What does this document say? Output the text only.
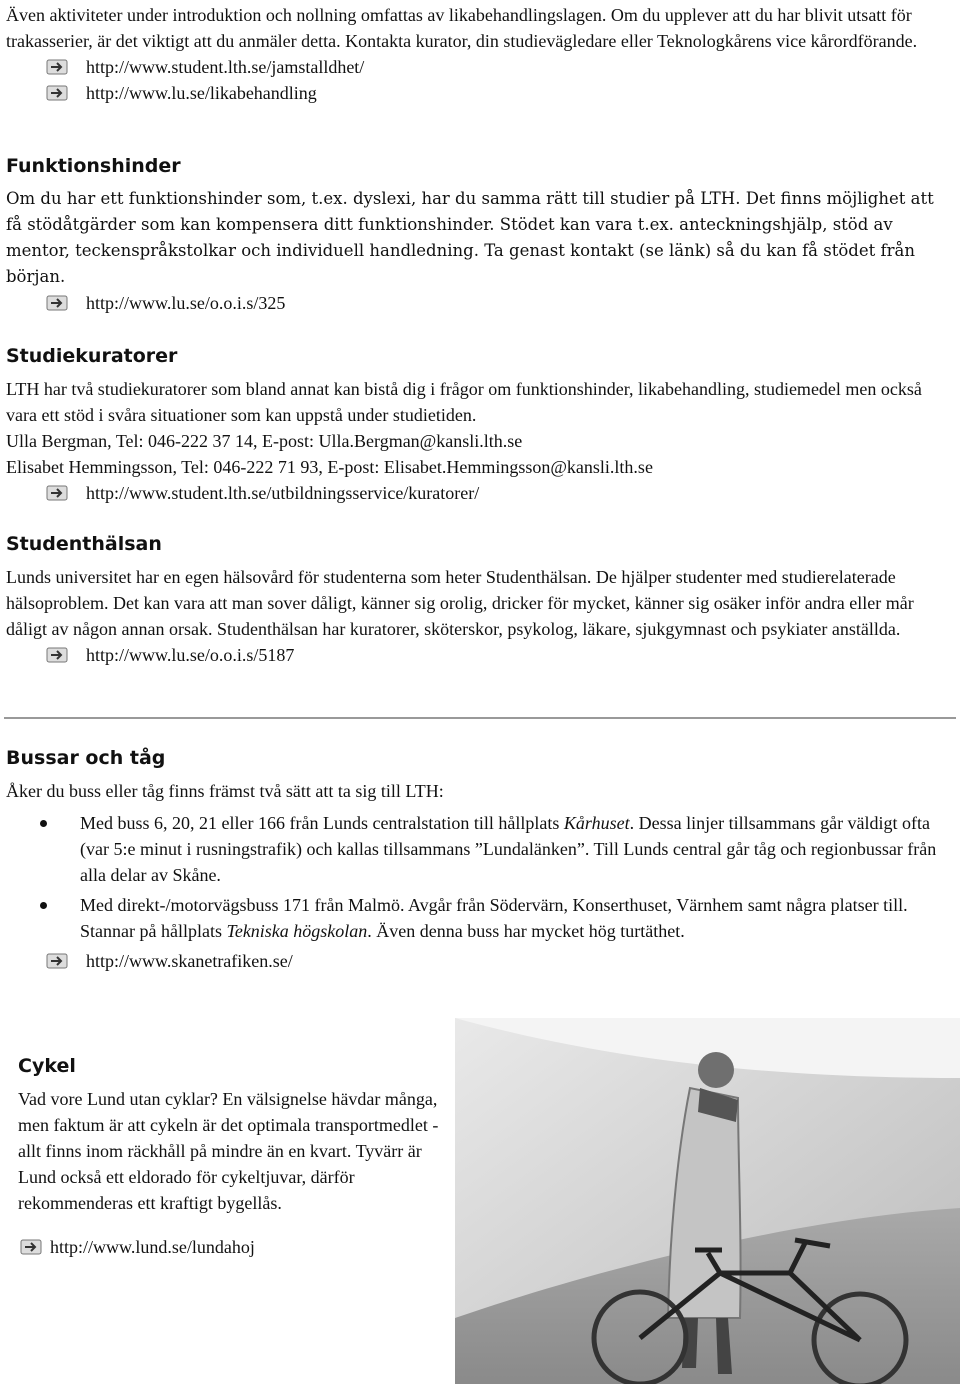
Även aktiviteter under introduktion och nollning omfattas av likabehandlingslagen. Om du upplever att du har blivit utsatt för trakasserier, är det viktigt att du anmäler detta. Kontakta kurator, din studievägledare eller Teknologkårens vice kårordförande.

http://www.student.lth.se/jamstalldhet/
http://www.lu.se/likabehandling
Funktionshinder

Om du har ett funktionshinder som, t.ex. dyslexi, har du samma rätt till studier på LTH. Det finns möjlighet att få stödåtgärder som kan kompensera ditt funktionshinder. Stödet kan vara t.ex. anteckningshjälp, stöd av mentor, teckenspråkstolkar och individuell handledning. Ta genast kontakt (se länk) så du kan få stödet från början.

http://www.lu.se/o.o.i.s/325
Studiekuratorer

LTH har två studiekuratorer som bland annat kan bistå dig i frågor om funktionshinder, likabehandling, studiemedel men också vara ett stöd i svåra situationer som kan uppstå under studietiden.

Ulla Bergman, Tel: 046-222 37 14, E-post: Ulla.Bergman@kansli.lth.se

Elisabet Hemmingsson, Tel: 046-222 71 93, E-post: Elisabet.Hemmingsson@kansli.lth.se

http://www.student.lth.se/utbildningsservice/kuratorer/
Studenthälsan

Lunds universitet har en egen hälsovård för studenterna som heter Studenthälsan. De hjälper studenter med studierelaterade hälsoproblem. Det kan vara att man sover dåligt, känner sig orolig, dricker för mycket, känner sig osäker inför andra eller mår dåligt av någon annan orsak. Studenthälsan har kuratorer, sköterskor, psykolog, läkare, sjukgymnast och psykiater anställda.

http://www.lu.se/o.o.i.s/5187
Bussar och tåg

Åker du buss eller tåg finns främst två sätt att ta sig till LTH:

Med buss 6, 20, 21 eller 166 från Lunds centralstation till hållplats Kårhuset. Dessa linjer tillsammans går väldigt ofta (var 5:e minut i rusningstrafik) och kallas tillsammans ”Lundalänken”. Till Lunds central går tåg och regionbussar från alla delar av Skåne.
Med direkt-/motorvägsbuss 171 från Malmö. Avgår från Södervärn, Konserthuset, Värnhem samt några platser till. Stannar på hållplats Tekniska högskolan. Även denna buss har mycket hög turtäthet.
http://www.skanetrafiken.se/
Cykel

Vad vore Lund utan cyklar? En välsignelse hävdar många, men faktum är att cykeln är det optimala transportmedlet - allt finns inom räckhåll på mindre än en kvart. Tyvärr är Lund också ett eldorado för cykeltjuvar, därför rekommenderas ett kraftigt bygellås.

http://www.lund.se/lundahoj
